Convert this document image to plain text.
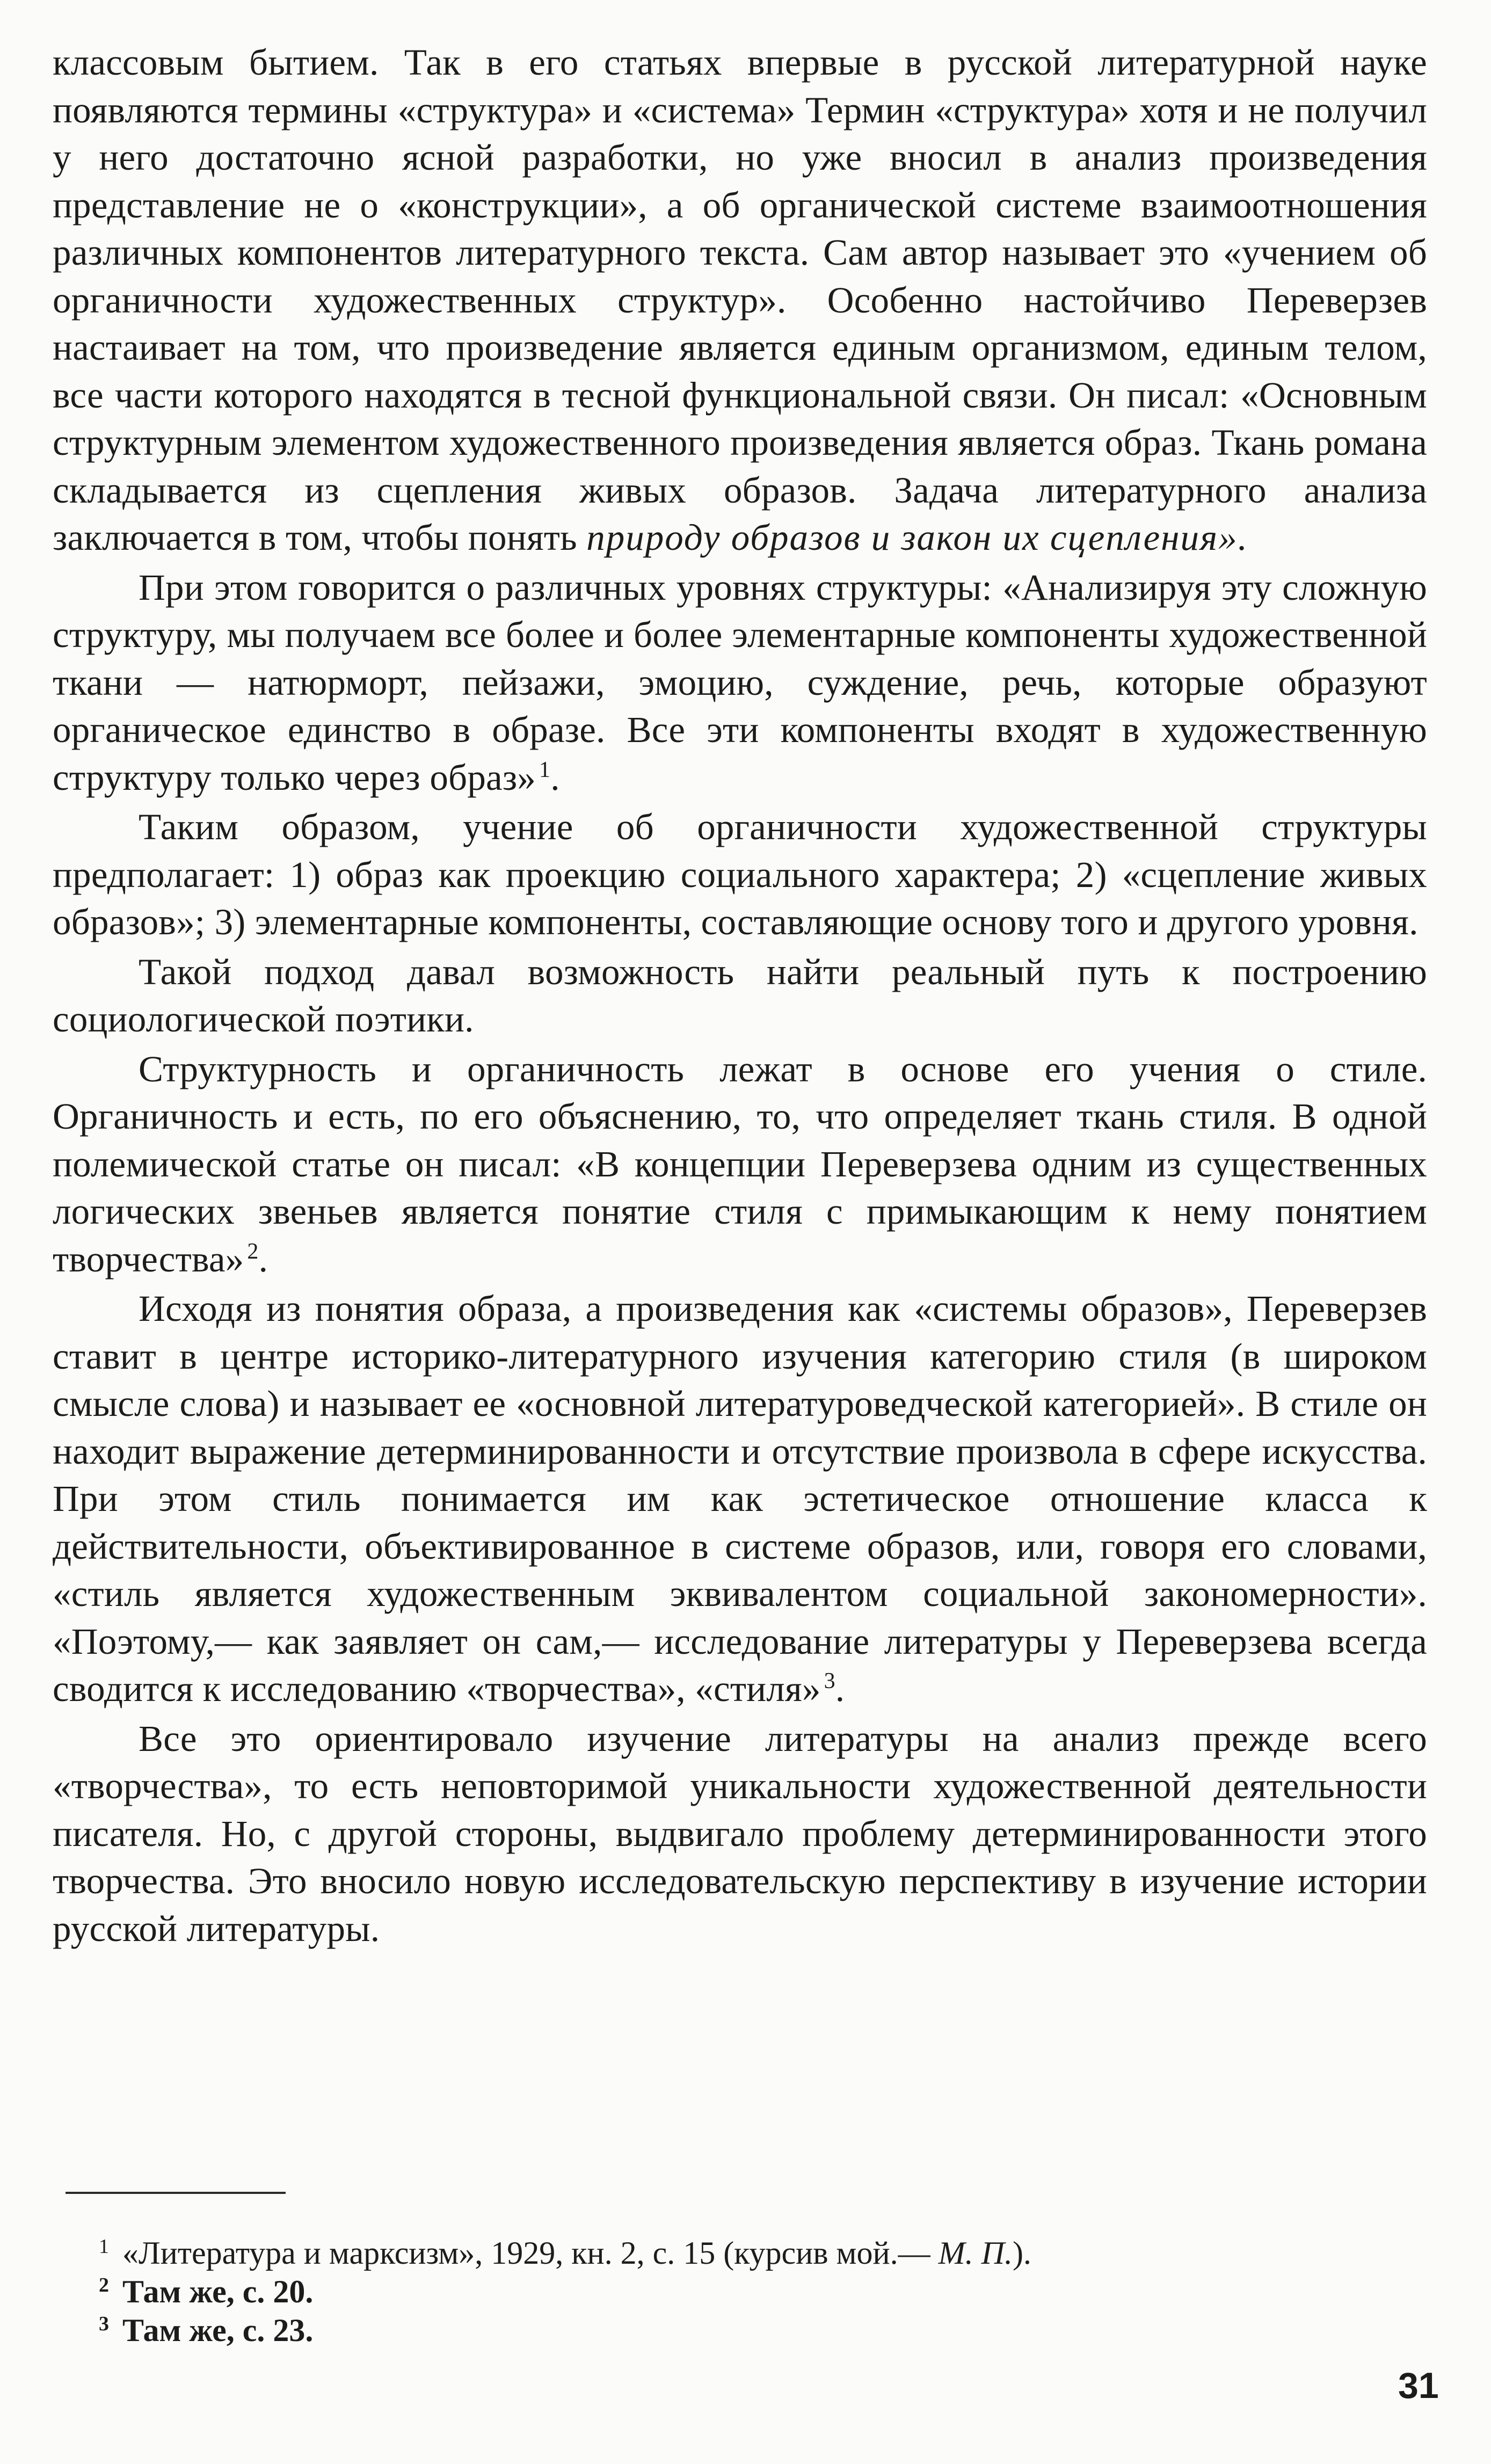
классовым бытием. Так в его статьях впервые в русской литературной науке появляются термины «структура» и «система» Термин «структура» хотя и не получил у него достаточно ясной разработки, но уже вносил в анализ произведения представление не о «конструкции», а об органической системе взаимоотношения различных компонентов литературного текста. Сам автор называет это «учением об органичности художественных структур». Особенно настойчиво Переверзев настаивает на том, что произведение является единым организмом, единым телом, все части которого находятся в тесной функциональной связи. Он писал: «Основным структурным элементом художественного произведения является образ. Ткань романа складывается из сцепления живых образов. Задача литературного анализа заключается в том, чтобы понять природу образов и закон их сцепления».

При этом говорится о различных уровнях структуры: «Анализируя эту сложную структуру, мы получаем все более и более элементарные компоненты художественной ткани — натюрморт, пейзажи, эмоцию, суждение, речь, которые образуют органическое единство в образе. Все эти компоненты входят в художественную структуру только через образ» $^1$.

Таким образом, учение об органичности художественной структуры предполагает: 1) образ как проекцию социального характера; 2) «сцепление живых образов»; 3) элементарные компоненты, составляющие основу того и другого уровня.

Такой подход давал возможность найти реальный путь к построению социологической поэтики.

Структурность и органичность лежат в основе его учения о стиле. Органичность и есть, по его объяснению, то, что определяет ткань стиля. В одной полемической статье он писал: «В концепции Переверзева одним из существенных логических звеньев является понятие стиля с примыкающим к нему понятием творчества» $^2$.

Исходя из понятия образа, а произведения как «системы образов», Переверзев ставит в центре историко-литературного изучения категорию стиля (в широком смысле слова) и называет ее «основной литературоведческой категорией». В стиле он находит выражение детерминированности и отсутствие произвола в сфере искусства. При этом стиль понимается им как эстетическое отношение класса к действительности, объективированное в системе образов, или, говоря его словами, «стиль является художественным эквивалентом социальной закономерности». «Поэтому,— как заявляет он сам,— исследование литературы у Переверзева всегда сводится к исследованию «творчества», «стиля» $^3$.

Все это ориентировало изучение литературы на анализ прежде всего «творчества», то есть неповторимой уникальности художественной деятельности писателя. Но, с другой стороны, выдвигало проблему детерминированности этого творчества. Это вносило новую исследовательскую перспективу в изучение истории русской литературы.

1 «Литература и марксизм», 1929, кн. 2, с. 15 (курсив мой.— М. П.).
2 Там же, с. 20.
3 Там же, с. 23.
31
